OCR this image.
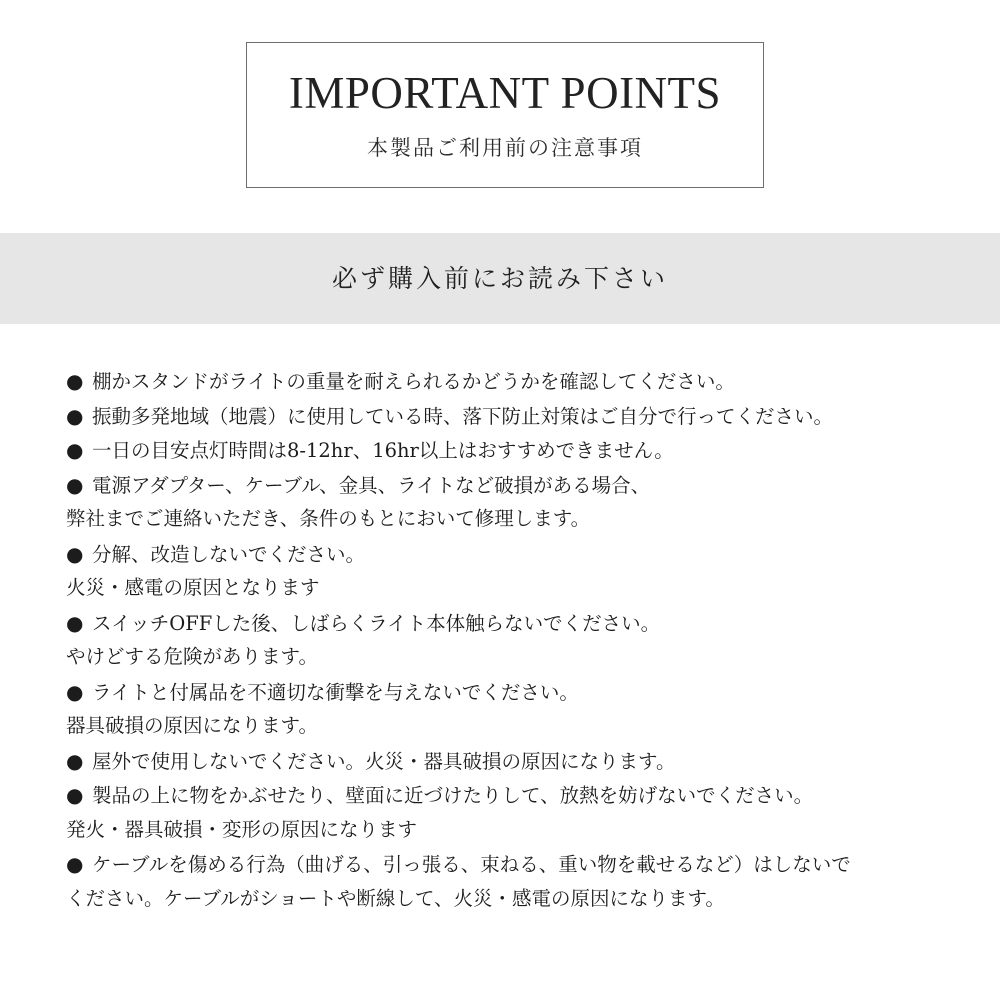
IMPORTANT POINTS
本製品ご利用前の注意事項
必ず購入前にお読み下さい
● 棚かスタンドがライトの重量を耐えられるかどうかを確認してください。
● 振動多発地域（地震）に使用している時、落下防止対策はご自分で行ってください。
● 一日の目安点灯時間は8-12hr、16hr以上はおすすめできません。
● 電源アダプター、ケーブル、金具、ライトなど破損がある場合、
弊社までご連絡いただき、条件のもとにおいて修理します。
● 分解、改造しないでください。
火災・感電の原因となります
● スイッチOFFした後、しばらくライト本体触らないでください。
やけどする危険があります。
● ライトと付属品を不適切な衝撃を与えないでください。
器具破損の原因になります。
● 屋外で使用しないでください。火災・器具破損の原因になります。
● 製品の上に物をかぶせたり、壁面に近づけたりして、放熱を妨げないでください。
発火・器具破損・変形の原因になります
● ケーブルを傷める行為（曲げる、引っ張る、束ねる、重い物を載せるなど）はしないで
ください。ケーブルがショートや断線して、火災・感電の原因になります。
